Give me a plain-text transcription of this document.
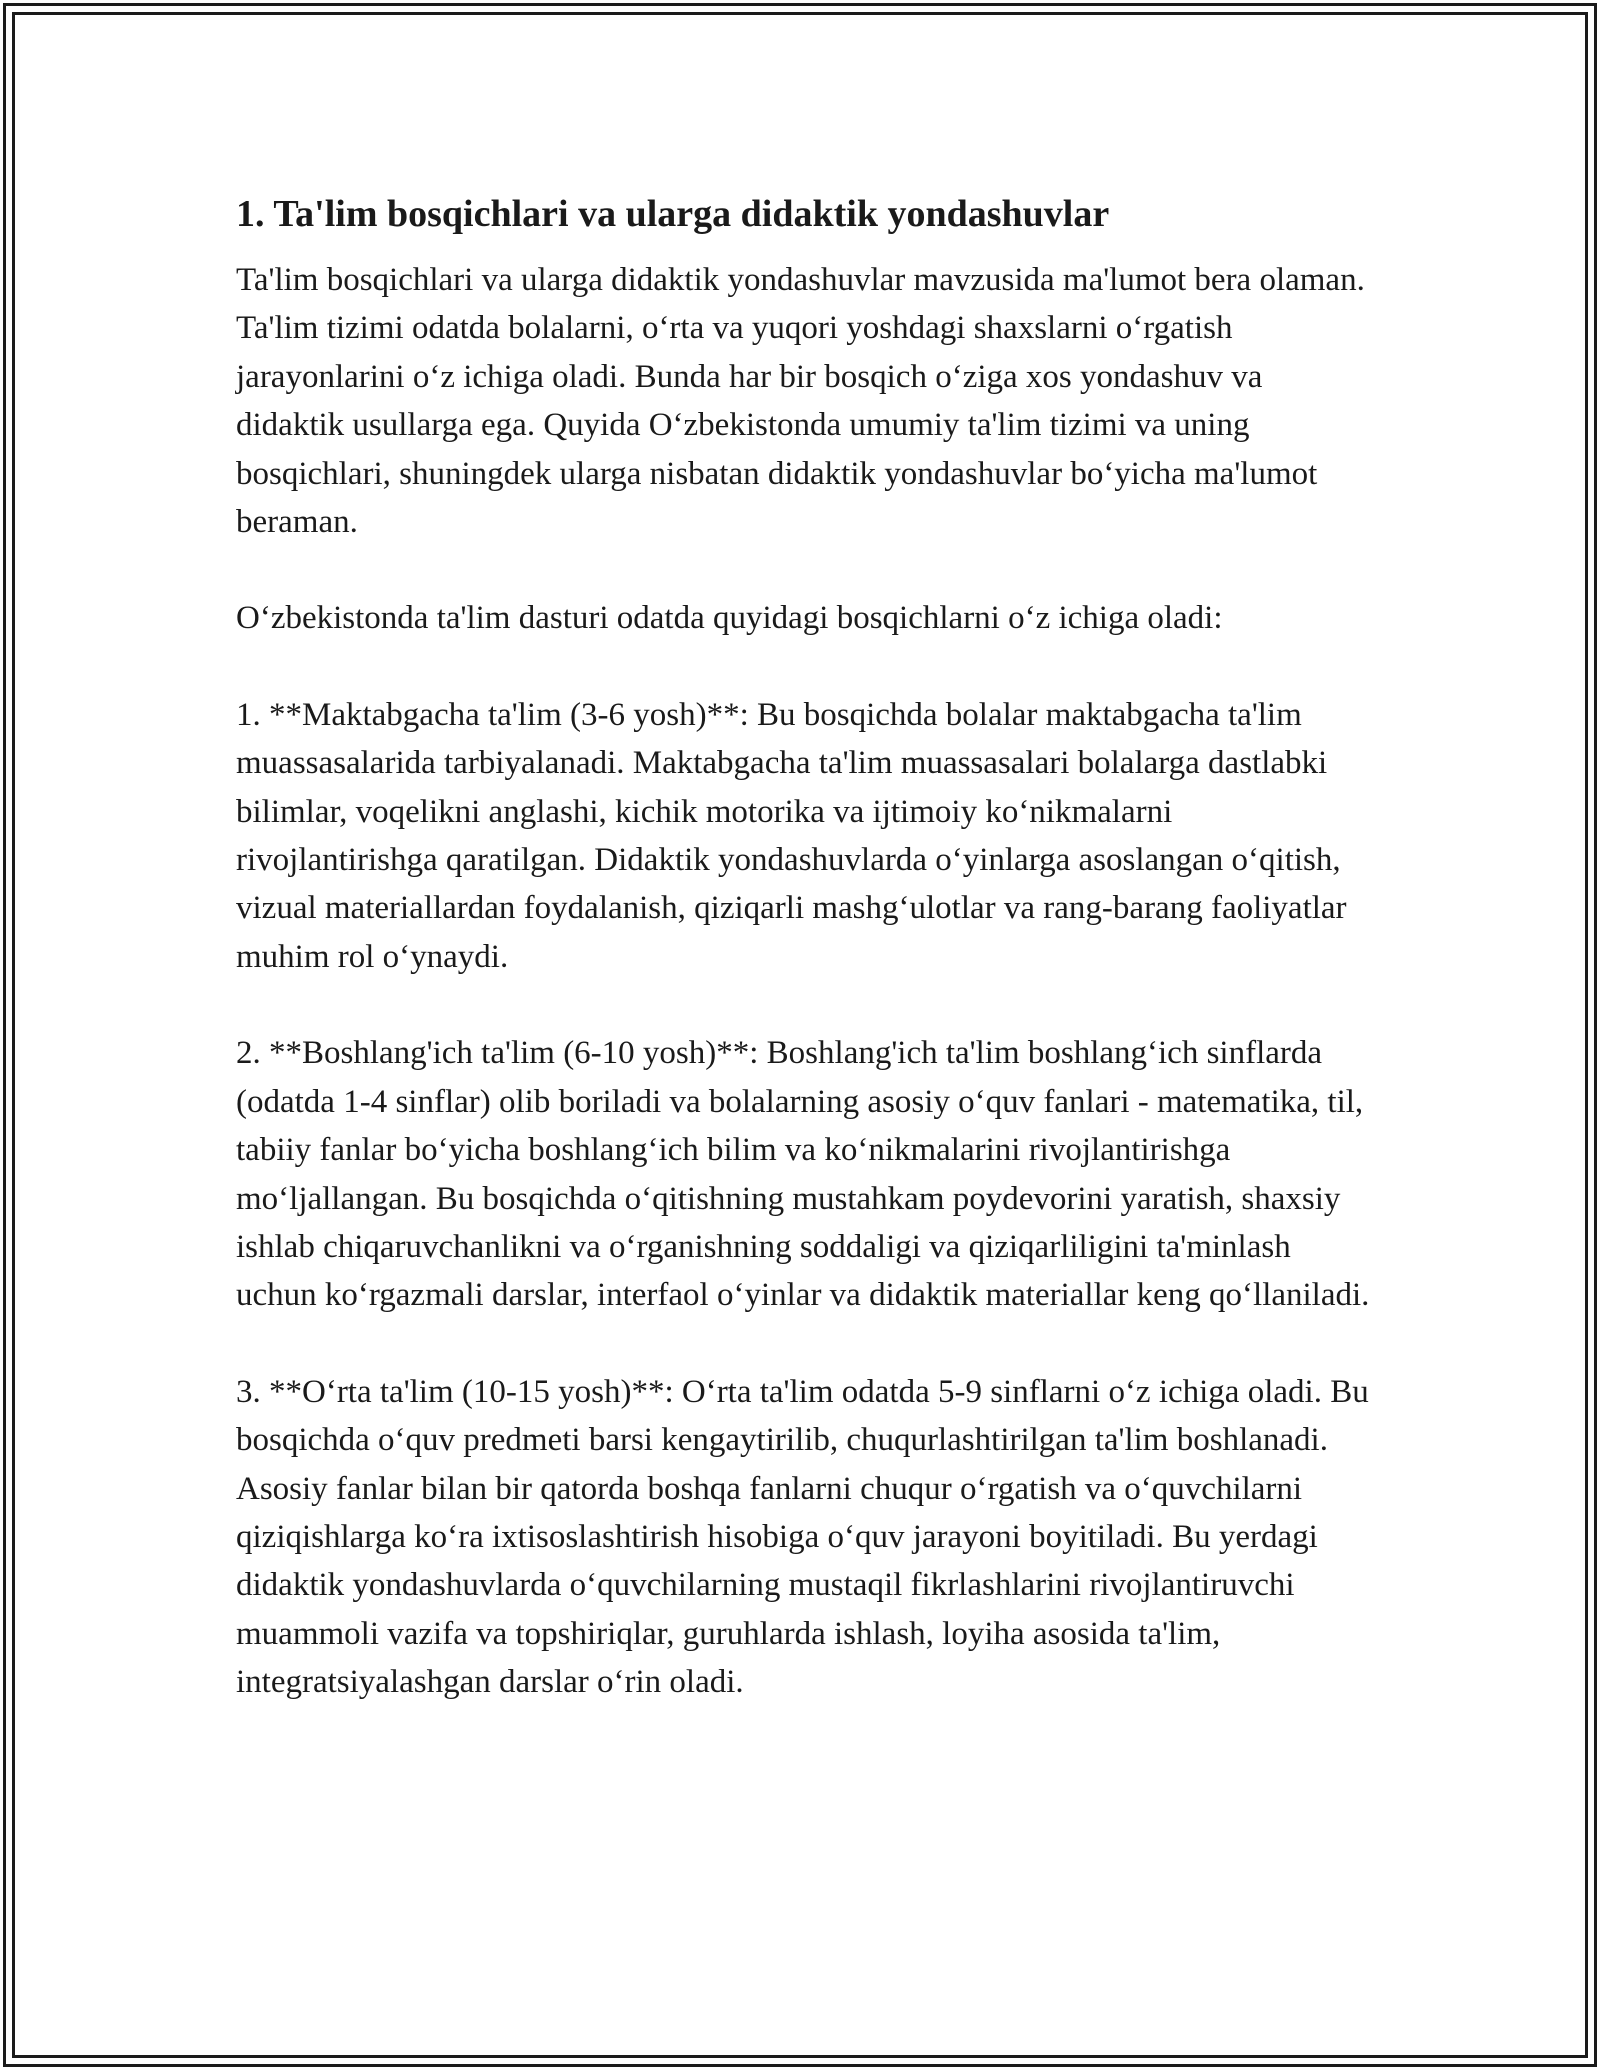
1. Ta'lim bosqichlari va ularga didaktik yondashuvlar

Ta'lim bosqichlari va ularga didaktik yondashuvlar mavzusida ma'lumot bera olaman. Ta'lim tizimi odatda bolalarni, o‘rta va yuqori yoshdagi shaxslarni o‘rgatish jarayonlarini o‘z ichiga oladi. Bunda har bir bosqich o‘ziga xos yondashuv va didaktik usullarga ega. Quyida O‘zbekistonda umumiy ta'lim tizimi va uning bosqichlari, shuningdek ularga nisbatan didaktik yondashuvlar bo‘yicha ma'lumot beraman.

O‘zbekistonda ta'lim dasturi odatda quyidagi bosqichlarni o‘z ichiga oladi:

1. **Maktabgacha ta'lim (3-6 yosh)**: Bu bosqichda bolalar maktabgacha ta'lim muassasalarida tarbiyalanadi. Maktabgacha ta'lim muassasalari bolalarga dastlabki bilimlar, voqelikni anglashi, kichik motorika va ijtimoiy ko‘nikmalarni rivojlantirishga qaratilgan. Didaktik yondashuvlarda o‘yinlarga asoslangan o‘qitish, vizual materiallardan foydalanish, qiziqarli mashg‘ulotlar va rang-barang faoliyatlar muhim rol o‘ynaydi.

2. **Boshlang'ich ta'lim (6-10 yosh)**: Boshlang'ich ta'lim boshlang‘ich sinflarda (odatda 1-4 sinflar) olib boriladi va bolalarning asosiy o‘quv fanlari - matematika, til, tabiiy fanlar bo‘yicha boshlang‘ich bilim va ko‘nikmalarini rivojlantirishga mo‘ljallangan. Bu bosqichda o‘qitishning mustahkam poydevorini yaratish, shaxsiy ishlab chiqaruvchanlikni va o‘rganishning soddaligi va qiziqarliligini ta'minlash uchun ko‘rgazmali darslar, interfaol o‘yinlar va didaktik materiallar keng qo‘llaniladi.

3. **O‘rta ta'lim (10-15 yosh)**: O‘rta ta'lim odatda 5-9 sinflarni o‘z ichiga oladi. Bu bosqichda o‘quv predmeti barsi kengaytirilib, chuqurlashtirilgan ta'lim boshlanadi. Asosiy fanlar bilan bir qatorda boshqa fanlarni chuqur o‘rgatish va o‘quvchilarni qiziqishlarga ko‘ra ixtisoslashtirish hisobiga o‘quv jarayoni boyitiladi. Bu yerdagi didaktik yondashuvlarda o‘quvchilarning mustaqil fikrlashlarini rivojlantiruvchi muammoli vazifa va topshiriqlar, guruhlarda ishlash, loyiha asosida ta'lim, integratsiyalashgan darslar o‘rin oladi.
